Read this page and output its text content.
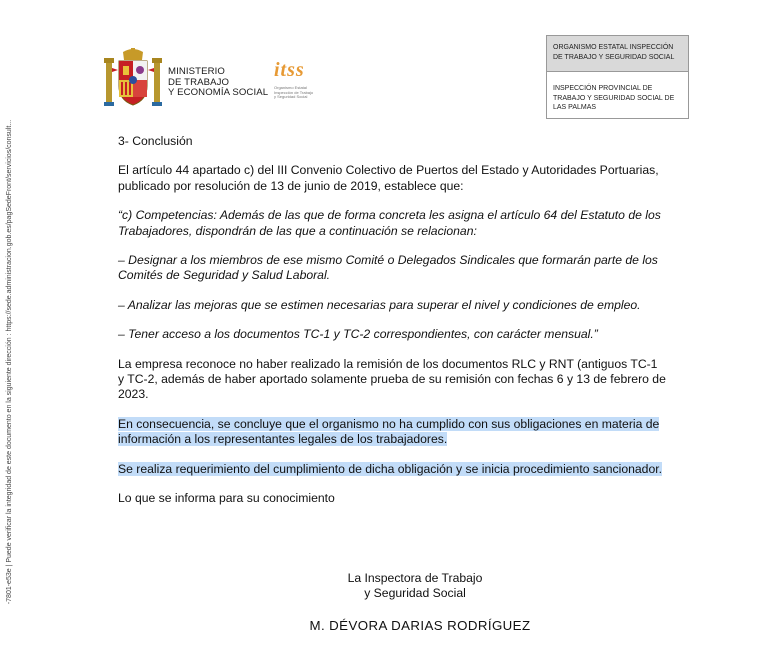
-7801-e53e | Puede verificar la integridad de este documento en la siguiente dirección : https://sede.administracion.gob.es/pagSedeFront/servicios/consult...
MINISTERIO
DE TRABAJO
Y ECONOMÍA SOCIAL
itss
Organismo Estatal
Inspección de Trabajo
y Seguridad Social
ORGANISMO ESTATAL INSPECCIÓN DE TRABAJO Y SEGURIDAD SOCIAL
INSPECCIÓN PROVINCIAL DE TRABAJO Y SEGURIDAD SOCIAL DE LAS PALMAS

3- Conclusión

El artículo 44 apartado c) del III Convenio Colectivo de Puertos del Estado y Autoridades Portuarias, publicado por resolución de 13 de junio de 2019, establece que:

“c) Competencias: Además de las que de forma concreta les asigna el artículo 64 del Estatuto de los Trabajadores, dispondrán de las que a continuación se relacionan:

– Designar a los miembros de ese mismo Comité o Delegados Sindicales que formarán parte de los Comités de Seguridad y Salud Laboral.

– Analizar las mejoras que se estimen necesarias para superar el nivel y condiciones de empleo.

– Tener acceso a los documentos TC-1 y TC-2 correspondientes, con carácter mensual.”

La empresa reconoce no haber realizado la remisión de los documentos RLC y RNT (antiguos TC-1 y TC-2, además de haber aportado solamente prueba de su remisión con fechas 6 y 13 de febrero de 2023.

En consecuencia, se concluye que el organismo no ha cumplido con sus obligaciones en materia de información a los representantes legales de los trabajadores.

Se realiza requerimiento del cumplimiento de dicha obligación y se inicia procedimiento sancionador.

Lo que se informa para su conocimiento

La Inspectora de Trabajo
y Seguridad Social
M. DÉVORA DARIAS RODRÍGUEZ
